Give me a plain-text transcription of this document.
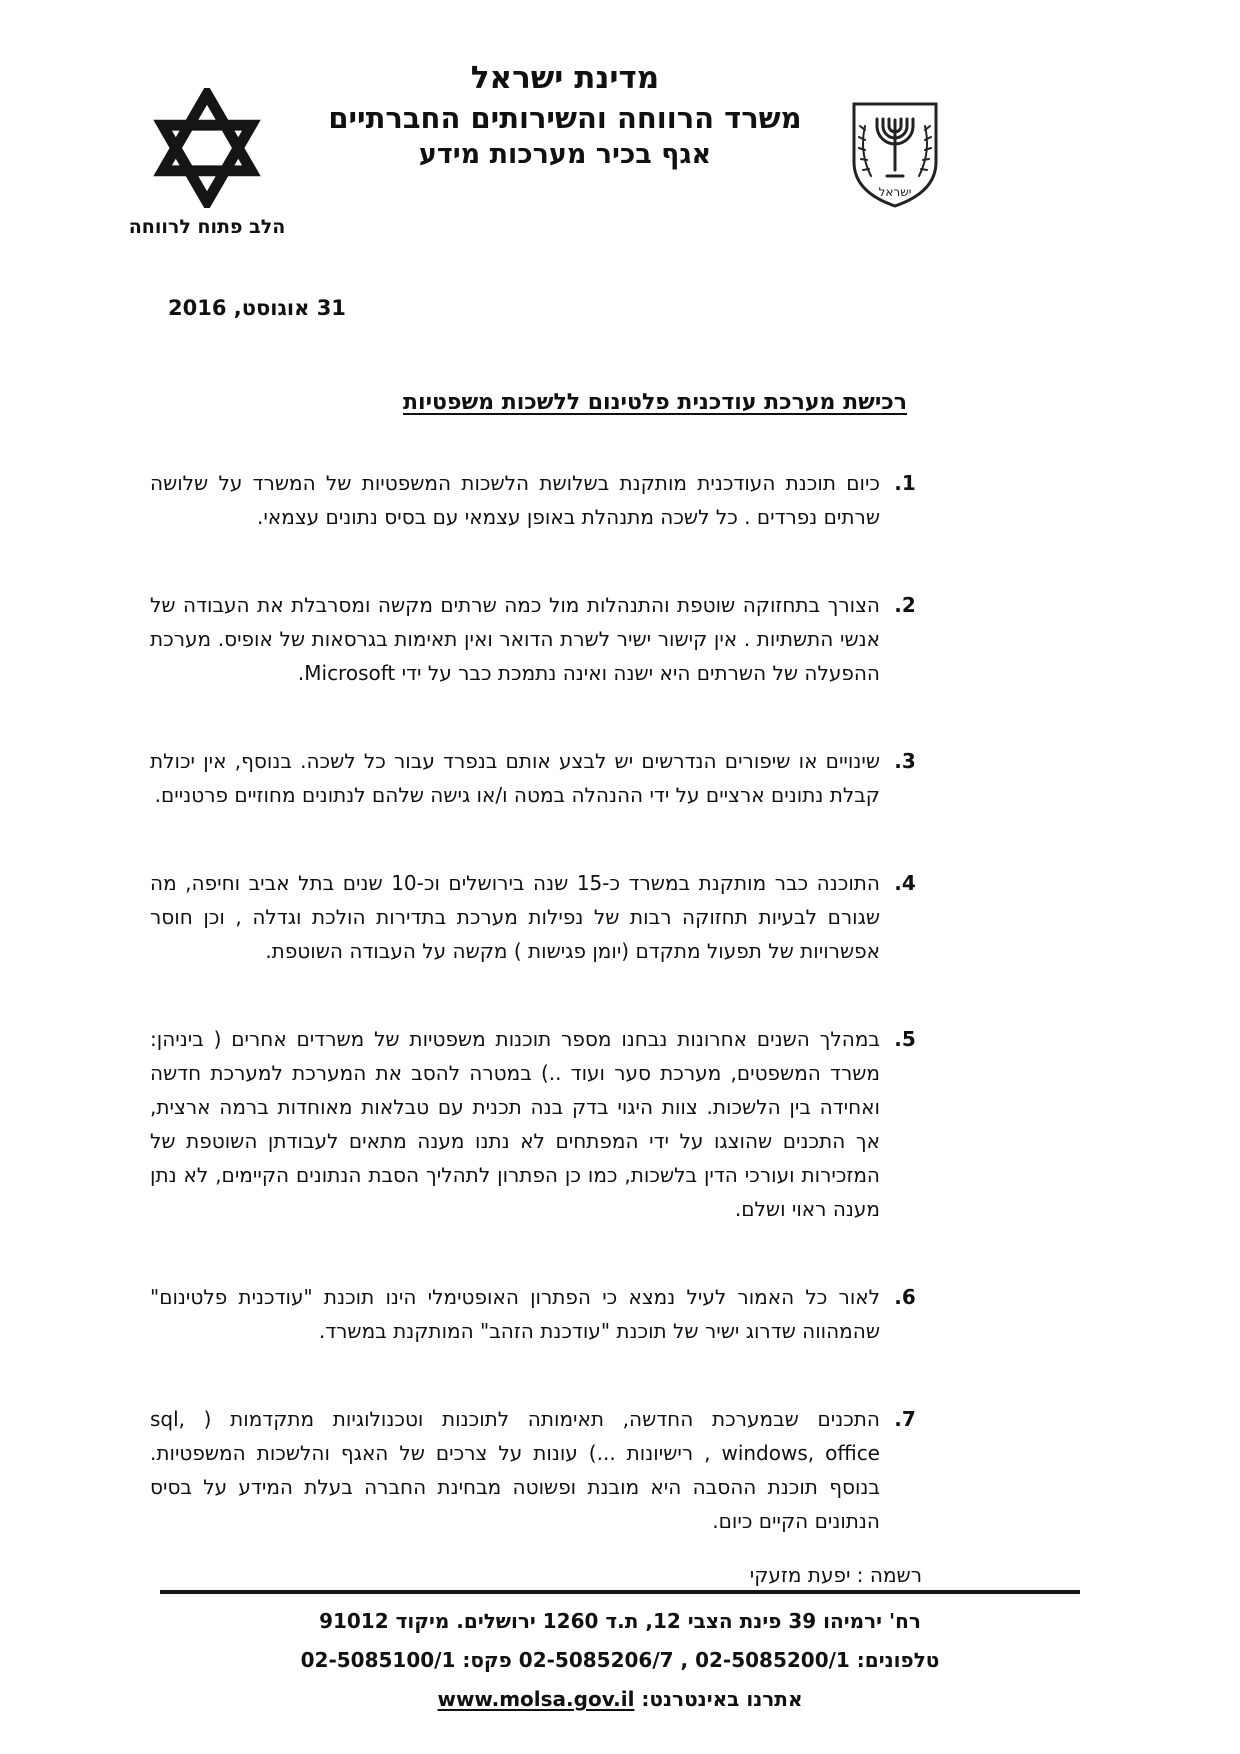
הלב פתוח לרווחה
מדינת ישראל
משרד הרווחה והשירותים החברתיים
אגף בכיר מערכות מידע
ישראל
31 אוגוסט, 2016
רכישת מערכת עודכנית פלטינום ללשכות משפטיות
1.

כיום תוכנת העודכנית מותקנת בשלושת הלשכות המשפטיות של המשרד על שלושה שרתים נפרדים . כל לשכה מתנהלת באופן עצמאי עם בסיס נתונים עצמאי.

2.

הצורך בתחזוקה שוטפת והתנהלות מול כמה שרתים מקשה ומסרבלת את העבודה של אנשי התשתיות . אין קישור ישיר לשרת הדואר ואין תאימות בגרסאות של אופיס. מערכת ההפעלה של השרתים היא ישנה ואינה נתמכת כבר על ידי Microsoft.

3.

שינויים או שיפורים הנדרשים יש לבצע אותם בנפרד עבור כל לשכה. בנוסף, אין יכולת קבלת נתונים ארציים על ידי ההנהלה במטה ו/או גישה שלהם לנתונים מחוזיים פרטניים.

4.

התוכנה כבר מותקנת במשרד כ-15 שנה בירושלים וכ-10 שנים בתל אביב וחיפה, מה שגורם לבעיות תחזוקה רבות של נפילות מערכת בתדירות הולכת וגדלה , וכן חוסר אפשרויות של תפעול מתקדם (יומן פגישות ) מקשה על העבודה השוטפת.

5.

במהלך השנים אחרונות נבחנו מספר תוכנות משפטיות של משרדים אחרים ( ביניהן: משרד המשפטים, מערכת סער ועוד ..) במטרה להסב את המערכת למערכת חדשה ואחידה בין הלשכות. צוות היגוי בדק בנה תכנית עם טבלאות מאוחדות ברמה ארצית, אך התכנים שהוצגו על ידי המפתחים לא נתנו מענה מתאים לעבודתן השוטפת של המזכירות ועורכי הדין בלשכות, כמו כן הפתרון לתהליך הסבת הנתונים הקיימים, לא נתן מענה ראוי ושלם.

6.

לאור כל האמור לעיל נמצא כי הפתרון האופטימלי הינו תוכנת "עודכנית פלטינום" שהמהווה שדרוג ישיר של תוכנת "עודכנת הזהב" המותקנת במשרד.

7.

התכנים שבמערכת החדשה, תאימותה לתוכנות וטכנולוגיות מתקדמות ( sql, windows, office , רישיונות ...) עונות על צרכים של האגף והלשכות המשפטיות. בנוסף תוכנת ההסבה היא מובנת ופשוטה מבחינת החברה בעלת המידע על בסיס הנתונים הקיים כיום.

רשמה : יפעת מזעקי
רח' ירמיהו 39 פינת הצבי 12, ת.ד 1260 ירושלים. מיקוד 91012
טלפונים: 02-5085200/1 , 02-5085206/7 פקס: 02-5085100/1
אתרנו באינטרנט: www.molsa.gov.il
